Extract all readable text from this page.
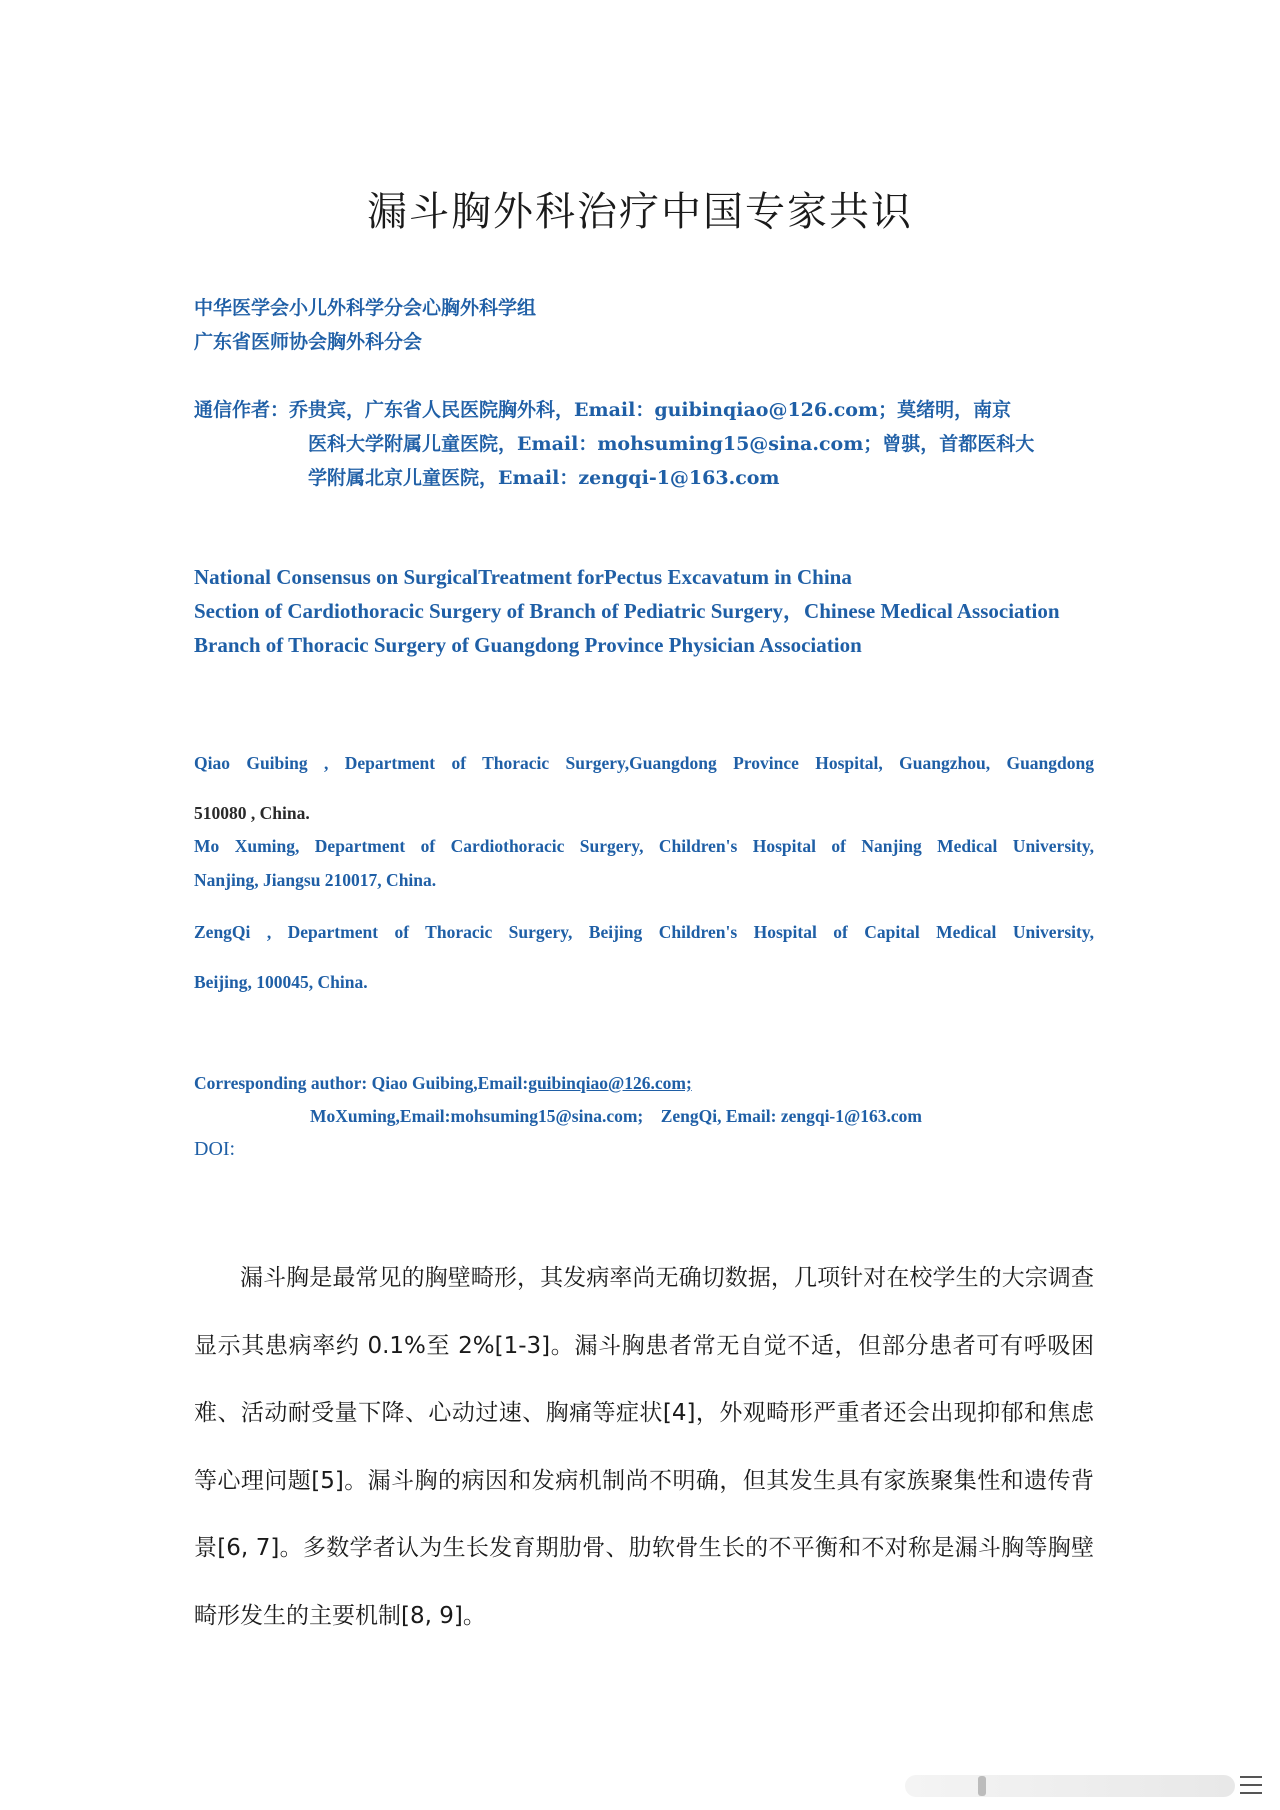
漏斗胸外科治疗中国专家共识
中华医学会小儿外科学分会心胸外科学组
广东省医师协会胸外科分会
通信作者：乔贵宾，广东省人民医院胸外科，Email：guibinqiao@126.com；莫绪明，南京
医科大学附属儿童医院，Email：mohsuming15@sina.com；曾骐，首都医科大
学附属北京儿童医院，Email：zengqi-1@163.com
National Consensus on SurgicalTreatment forPectus Excavatum in China
Section of Cardiothoracic Surgery of Branch of Pediatric Surgery，Chinese Medical Association
Branch of Thoracic Surgery of Guangdong Province Physician Association
Qiao Guibing , Department of Thoracic Surgery,Guangdong Province Hospital, Guangzhou, Guangdong
510080 , China.
Mo Xuming, Department of Cardiothoracic Surgery, Children's Hospital of Nanjing Medical University,
Nanjing, Jiangsu 210017, China.
ZengQi , Department of Thoracic Surgery, Beijing Children's Hospital of Capital Medical University,
Beijing, 100045, China.
Corresponding author: Qiao Guibing,Email:guibinqiao@126.com;
MoXuming,Email:mohsuming15@sina.com;    ZengQi, Email: zengqi-1@163.com
DOI:
漏斗胸是最常见的胸壁畸形，其发病率尚无确切数据，几项针对在校学生的大宗调查显示其患病率约 0.1%至 2%[1-3]。漏斗胸患者常无自觉不适，但部分患者可有呼吸困难、活动耐受量下降、心动过速、胸痛等症状[4]，外观畸形严重者还会出现抑郁和焦虑等心理问题[5]。漏斗胸的病因和发病机制尚不明确，但其发生具有家族聚集性和遗传背景[6, 7]。多数学者认为生长发育期肋骨、肋软骨生长的不平衡和不对称是漏斗胸等胸壁畸形发生的主要机制[8, 9]。
